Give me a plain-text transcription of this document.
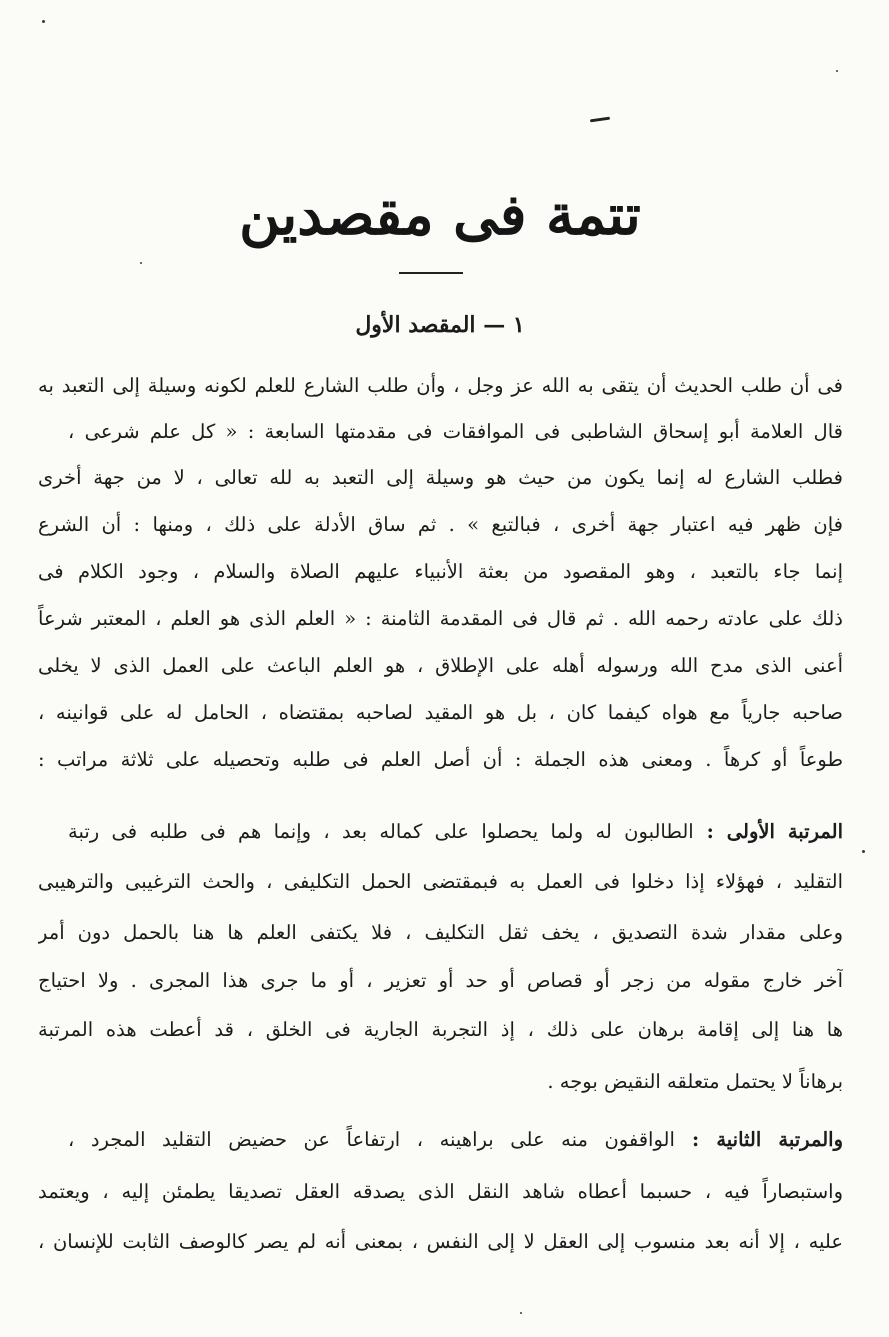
تتمة فى مقصدين
١ — المقصد الأول
فى أن طلب الحديث أن يتقى به الله عز وجل ، وأن طلب الشارع للعلم لكونه وسيلة إلى التعبد به
قال العلامة أبو إسحاق الشاطبى فى الموافقات فى مقدمتها السابعة : « كل علم شرعى ،
فطلب الشارع له إنما يكون من حيث هو وسيلة إلى التعبد به لله تعالى ، لا من جهة أخرى
فإن ظهر فيه اعتبار جهة أخرى ، فبالتبع » . ثم ساق الأدلة على ذلك ، ومنها : أن الشرع
إنما جاء بالتعبد ، وهو المقصود من بعثة الأنبياء عليهم الصلاة والسلام ، وجود الكلام فى
ذلك على عادته رحمه الله . ثم قال فى المقدمة الثامنة : « العلم الذى هو العلم ، المعتبر شرعاً
أعنى الذى مدح الله ورسوله أهله على الإطلاق ، هو العلم الباعث على العمل الذى لا يخلى
صاحبه جارياً مع هواه كيفما كان ، بل هو المقيد لصاحبه بمقتضاه ، الحامل له على قوانينه ،
طوعاً أو كرهاً . ومعنى هذه الجملة : أن أصل العلم فى طلبه وتحصيله على ثلاثة مراتب :
المرتبة الأولى : الطالبون له ولما يحصلوا على كماله بعد ، وإنما هم فى طلبه فى رتبة
التقليد ، فهؤلاء إذا دخلوا فى العمل به فبمقتضى الحمل التكليفى ، والحث الترغيبى والترهيبى
وعلى مقدار شدة التصديق ، يخف ثقل التكليف ، فلا يكتفى العلم ها هنا بالحمل دون أمر
آخر خارج مقوله من زجر أو قصاص أو حد أو تعزير ، أو ما جرى هذا المجرى . ولا احتياج
ها هنا إلى إقامة برهان على ذلك ، إذ التجربة الجارية فى الخلق ، قد أعطت هذه المرتبة
برهاناً لا يحتمل متعلقه النقيض بوجه .
والمرتبة الثانية : الواقفون منه على براهينه ، ارتفاعاً عن حضيض التقليد المجرد ،
واستبصاراً فيه ، حسبما أعطاه شاهد النقل الذى يصدقه العقل تصديقا يطمئن إليه ، ويعتمد
عليه ، إلا أنه بعد منسوب إلى العقل لا إلى النفس ، بمعنى أنه لم يصر كالوصف الثابت للإنسان ،
